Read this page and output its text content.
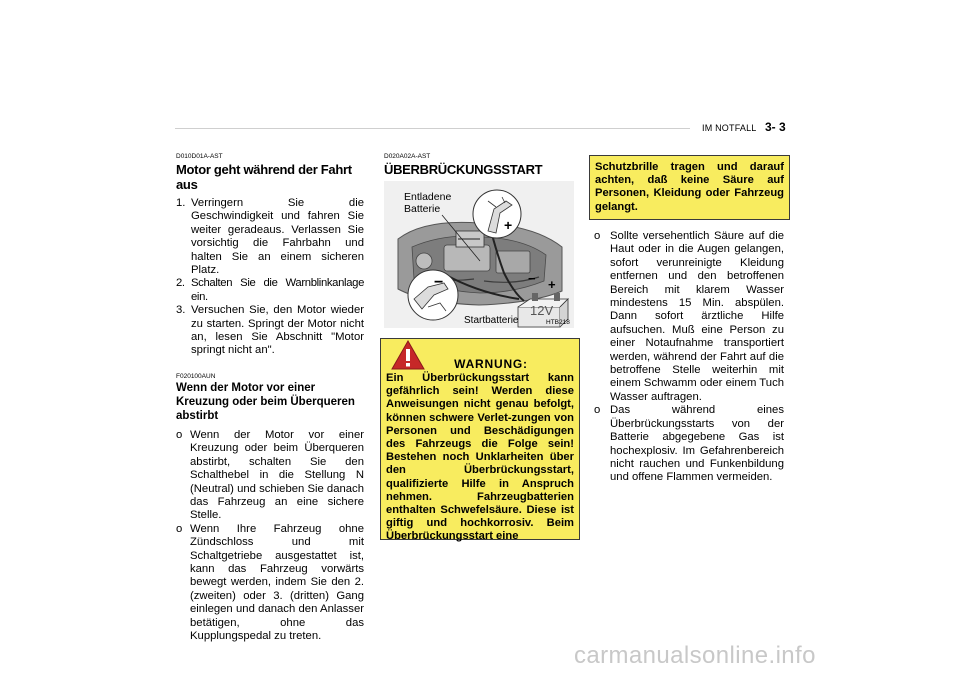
IM NOTFALL 3- 3
D010D01A-AST
Motor geht während der Fahrt aus
1. Verringern Sie die Geschwindigkeit und fahren Sie weiter geradeaus. Verlassen Sie vorsichtig die Fahrbahn und halten Sie an einem sicheren Platz.
2. Schalten Sie die Warnblinkanlage ein.
3. Versuchen Sie, den Motor wieder zu starten. Springt der Motor nicht an, lesen Sie Abschnitt "Motor springt nicht an".
F020100AUN
Wenn der Motor vor einer Kreuzung oder beim Überqueren abstirbt
o Wenn der Motor vor einer Kreuzung oder beim Überqueren abstirbt, schalten Sie den Schalthebel in die Stellung N (Neutral) und schieben Sie danach das Fahrzeug an eine sichere Stelle.
o Wenn Ihre Fahrzeug ohne Zündschloss und mit Schaltgetriebe ausgestattet ist, kann das Fahrzeug vorwärts bewegt werden, indem Sie den 2. (zweiten) oder 3. (dritten) Gang einlegen und danach den Anlasser betätigen, ohne das Kupplungspedal zu treten.
D020A02A-AST
ÜBERBRÜCKUNGSSTART
Entladene
Batterie
+
−	− +
12V
Startbatterie	HTB218
WARNUNG:
Ein Überbrückungsstart kann gefährlich sein! Werden diese Anweisungen nicht genau befolgt, können schwere Verlet-zungen von Personen und Beschädigungen des Fahrzeugs die Folge sein! Bestehen noch Unklarheiten über den Überbrückungsstart, qualifizierte Hilfe in Anspruch nehmen. Fahrzeugbatterien enthalten Schwefelsäure. Diese ist giftig und hochkorrosiv. Beim Überbrückungsstart eine
Schutzbrille tragen und darauf achten, daß keine Säure auf Personen, Kleidung oder Fahrzeug gelangt.
o Sollte versehentlich Säure auf die Haut oder in die Augen gelangen, sofort verunreinigte Kleidung entfernen und den betroffenen Bereich mit klarem Wasser mindestens 15 Min. abspülen. Dann sofort ärztliche Hilfe aufsuchen. Muß eine Person zu einer Notaufnahme transportiert werden, während der Fahrt auf die betroffene Stelle weiterhin mit einem Schwamm oder einem Tuch Wasser auftragen.
o Das während eines Überbrückungsstarts von der Batterie abgegebene Gas ist hochexplosiv. Im Gefahrenbereich nicht rauchen und Funkenbildung und offene Flammen vermeiden.
carmanualsonline.info
